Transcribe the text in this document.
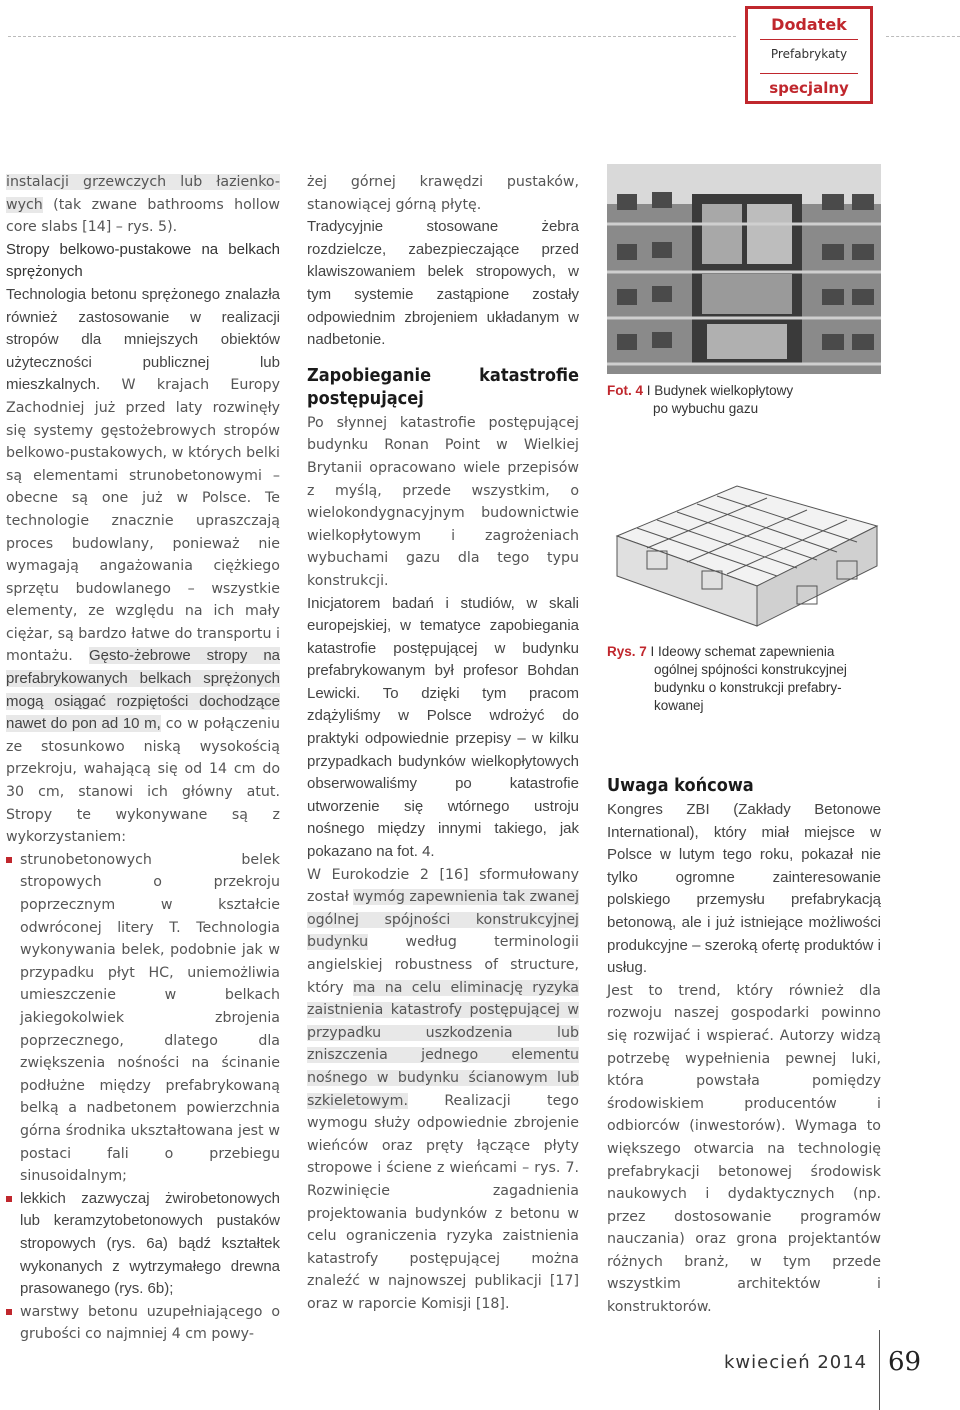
Dodatek
Prefabrykaty
specjalny

instalacji grzewczych lub łazienko-wych (tak zwane bathrooms hollow core slabs [14] – rys. 5).

Stropy belkowo-pustakowe na belkach sprężonych

Technologia betonu sprężonego znalazła również zastosowanie w realizacji stropów dla mniejszych obiektów użyteczności publicznej lub mieszkalnych. W krajach Europy Zachodniej już przed laty rozwinęły się systemy gęstożebrowych stropów belkowo-pustakowych, w których belki są elementami strunobetonowymi – obecne są one już w Polsce. Te technologie znacznie upraszczają proces budowlany, ponieważ nie wymagają angażowania ciężkiego sprzętu budowlanego – wszystkie elementy, ze względu na ich mały ciężar, są bardzo łatwe do transportu i montażu. Gęsto-żebrowe stropy na prefabrykowanych belkach sprężonych mogą osiągać rozpiętości dochodzące nawet do pon ad 10 m, co w połączeniu ze stosunkowo niską wysokością przekroju, wahającą się od 14 cm do 30 cm, stanowi ich główny atut. Stropy te wykonywane są z wykorzystaniem:

strunobetonowych belek stropowych o przekroju poprzecznym w kształcie odwróconej litery T. Technologia wykonywania belek, podobnie jak w przypadku płyt HC, uniemożliwia umieszczenie w belkach jakiegokolwiek zbrojenia poprzecznego, dlatego dla zwiększenia nośności na ścinanie podłużne między prefabrykowaną belką a nadbetonem powierzchnia górna środnika ukształtowana jest w postaci fali o przebiegu sinusoidalnym;

lekkich zazwyczaj żwirobetonowych lub keramzytobetonowych pustaków stropowych (rys. 6a) bądź kształtek wykonanych z wytrzymałego drewna prasowanego (rys. 6b);

warstwy betonu uzupełniającego o grubości co najmniej 4 cm powy-

żej górnej krawędzi pustaków, stanowiącej górną płytę.

Tradycyjnie stosowane żebra rozdzielcze, zabezpieczające przed klawiszowaniem belek stropowych, w tym systemie zastąpione zostały odpowiednim zbrojeniem układanym w nadbetonie.

Zapobieganie katastrofie postępującej

Po słynnej katastrofie postępującej budynku Ronan Point w Wielkiej Brytanii opracowano wiele przepisów z myślą, przede wszystkim, o wielokondygnacyjnym budownictwie wielkopłytowym i zagrożeniach wybuchami gazu dla tego typu konstrukcji.

Inicjatorem badań i studiów, w skali europejskiej, w tematyce zapobiegania katastrofie postępującej w budynku prefabrykowanym był profesor Bohdan Lewicki. To dzięki tym pracom zdążyliśmy w Polsce wdrożyć do praktyki odpowiednie przepisy – w kilku przypadkach budynków wielkopłytowych obserwowaliśmy po katastrofie utworzenie się wtórnego ustroju nośnego między innymi takiego, jak pokazano na fot. 4.

W Eurokodzie 2 [16] sformułowany został wymóg zapewnienia tak zwanej ogólnej spójności konstrukcyjnej budynku według terminologii angielskiej robustness of structure, który ma na celu eliminację ryzyka zaistnienia katastrofy postępującej w przypadku uszkodzenia lub zniszczenia jednego elementu nośnego w budynku ścianowym lub szkieletowym. Realizacji tego wymogu służy odpowiednie zbrojenie wieńców oraz pręty łączące płyty stropowe i ściene z wieńcami – rys. 7. Rozwinięcie zagadnienia projektowania budynków z betonu w celu ograniczenia ryzyka zaistnienia katastrofy postępującej można znaleźć w najnowszej publikacji [17] oraz w raporcie Komisji [18].

Fot. 4 I Budynek wielkopłytowy
po wybuchu gazu
Rys. 7 I Ideowy schemat zapewnienia
ogólnej spójności konstrukcyjnej
budynku o konstrukcji prefabry-
kowanej
Uwaga końcowa

Kongres ZBI (Zakłady Betonowe International), który miał miejsce w Polsce w lutym tego roku, pokazał nie tylko ogromne zainteresowanie polskiego przemysłu prefabrykacją betonową, ale i już istniejące możliwości produkcyjne – szeroką ofertę produktów i usług.

Jest to trend, który również dla rozwoju naszej gospodarki powinno się rozwijać i wspierać. Autorzy widzą potrzebę wypełnienia pewnej luki, która powstała pomiędzy środowiskiem producentów i odbiorców (inwestorów). Wymaga to większego otwarcia na technologię prefabrykacji betonowej środowisk naukowych i dydaktycznych (np. przez dostosowanie programów nauczania) oraz grona projektantów różnych branż, w tym przede wszystkim architektów i konstruktorów.

kwiecień 2014 69
